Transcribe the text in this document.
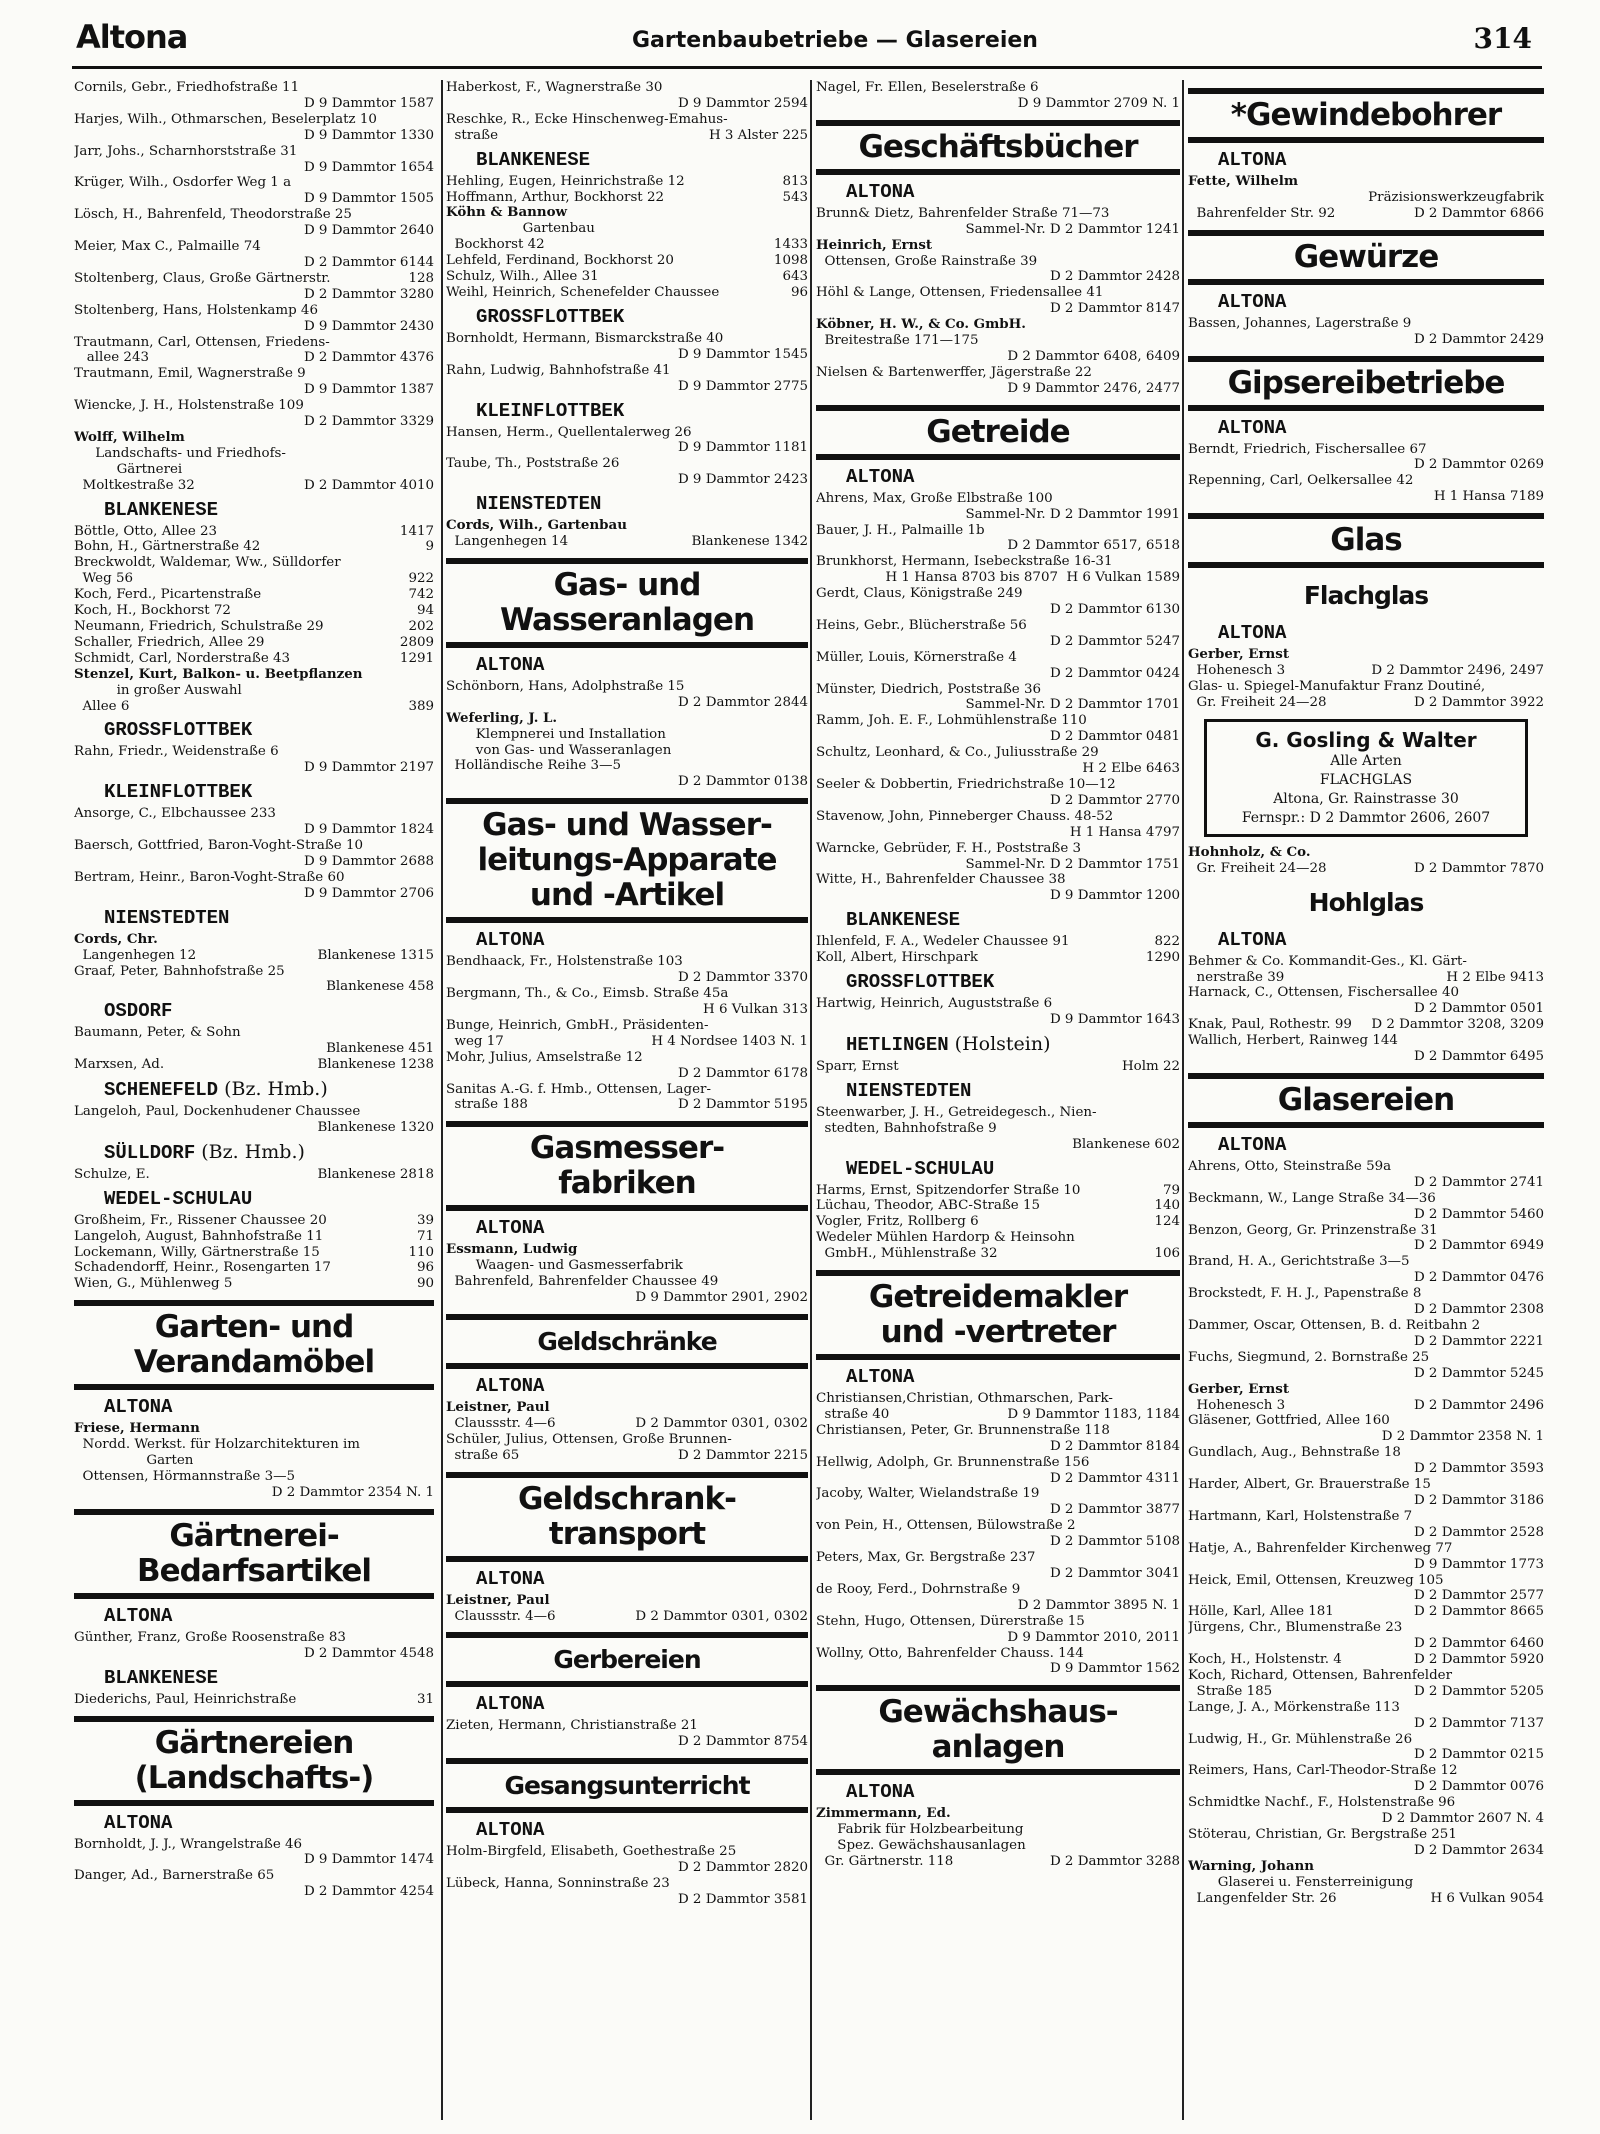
Altona	Gartenbaubetriebe — Glasereien	314
Cornils, Gebr., Friedhofstraße 11
D 9 Dammtor 1587
Harjes, Wilh., Othmarschen, Beselerplatz 10
D 9 Dammtor 1330
Jarr, Johs., Scharnhorststraße 31
D 9 Dammtor 1654
Krüger, Wilh., Osdorfer Weg 1 a
D 9 Dammtor 1505
Lösch, H., Bahrenfeld, Theodorstraße 25
D 9 Dammtor 2640
Meier, Max C., Palmaille 74
D 2 Dammtor 6144
128
Stoltenberg, Claus, Große Gärtnerstr.
D 2 Dammtor 3280
Stoltenberg, Hans, Holstenkamp 46
D 9 Dammtor 2430
Trautmann, Carl, Ottensen, Friedens-
D 2 Dammtor 4376
allee 243
Trautmann, Emil, Wagnerstraße 9
D 9 Dammtor 1387
Wiencke, J. H., Holstenstraße 109
D 2 Dammtor 3329
Wolff, Wilhelm
Landschafts- und Friedhofs-
Gärtnerei
D 2 Dammtor 4010
Moltkestraße 32
BLANKENESE
1417
Böttle, Otto, Allee 23
9
Bohn, H., Gärtnerstraße 42
Breckwoldt, Waldemar, Ww., Sülldorfer
922
Weg 56
742
Koch, Ferd., Picartenstraße
94
Koch, H., Bockhorst 72
202
Neumann, Friedrich, Schulstraße 29
2809
Schaller, Friedrich, Allee 29
1291
Schmidt, Carl, Norderstraße 43
Stenzel, Kurt, Balkon- u. Beetpflanzen
in großer Auswahl
389
Allee 6
GROSSFLOTTBEK
Rahn, Friedr., Weidenstraße 6
D 9 Dammtor 2197
KLEINFLOTTBEK
Ansorge, C., Elbchaussee 233
D 9 Dammtor 1824
Baersch, Gottfried, Baron-Voght-Straße 10
D 9 Dammtor 2688
Bertram, Heinr., Baron-Voght-Straße 60
D 9 Dammtor 2706
NIENSTEDTEN
Cords, Chr.
Blankenese 1315
Langenhegen 12
Graaf, Peter, Bahnhofstraße 25
Blankenese 458
OSDORF
Baumann, Peter, & Sohn
Blankenese 451
Blankenese 1238
Marxsen, Ad.
SCHENEFELD (Bz. Hmb.)
Langeloh, Paul, Dockenhudener Chaussee
Blankenese 1320
SÜLLDORF (Bz. Hmb.)
Blankenese 2818
Schulze, E.
WEDEL-SCHULAU
39
Großheim, Fr., Rissener Chaussee 20
71
Langeloh, August, Bahnhofstraße 11
110
Lockemann, Willy, Gärtnerstraße 15
96
Schadendorff, Heinr., Rosengarten 17
90
Wien, G., Mühlenweg 5
Garten- und
Verandamöbel
ALTONA
Friese, Hermann
Nordd. Werkst. für Holzarchitekturen im
Garten
Ottensen, Hörmannstraße 3—5
D 2 Dammtor 2354 N. 1
Gärtnerei-
Bedarfsartikel
ALTONA
Günther, Franz, Große Roosenstraße 83
D 2 Dammtor 4548
BLANKENESE
31
Diederichs, Paul, Heinrichstraße
Gärtnereien
(Landschafts-)
ALTONA
Bornholdt, J. J., Wrangelstraße 46
D 9 Dammtor 1474
Danger, Ad., Barnerstraße 65
D 2 Dammtor 4254
Haberkost, F., Wagnerstraße 30
D 9 Dammtor 2594
Reschke, R., Ecke Hinschenweg-Emahus-
H 3 Alster 225
straße
BLANKENESE
813
Hehling, Eugen, Heinrichstraße 12
543
Hoffmann, Arthur, Bockhorst 22
Köhn & Bannow
Gartenbau
1433
Bockhorst 42
1098
Lehfeld, Ferdinand, Bockhorst 20
643
Schulz, Wilh., Allee 31
96
Weihl, Heinrich, Schenefelder Chaussee
GROSSFLOTTBEK
Bornholdt, Hermann, Bismarckstraße 40
D 9 Dammtor 1545
Rahn, Ludwig, Bahnhofstraße 41
D 9 Dammtor 2775
KLEINFLOTTBEK
Hansen, Herm., Quellentalerweg 26
D 9 Dammtor 1181
Taube, Th., Poststraße 26
D 9 Dammtor 2423
NIENSTEDTEN
Cords, Wilh., Gartenbau
Blankenese 1342
Langenhegen 14
Gas- und
Wasseranlagen
ALTONA
Schönborn, Hans, Adolphstraße 15
D 2 Dammtor 2844
Weferling, J. L.
Klempnerei und Installation
von Gas- und Wasseranlagen
Holländische Reihe 3—5
D 2 Dammtor 0138
Gas- und Wasser-
leitungs-Apparate
und -Artikel
ALTONA
Bendhaack, Fr., Holstenstraße 103
D 2 Dammtor 3370
Bergmann, Th., & Co., Eimsb. Straße 45a
H 6 Vulkan 313
Bunge, Heinrich, GmbH., Präsidenten-
H 4 Nordsee 1403 N. 1
weg 17
Mohr, Julius, Amselstraße 12
D 2 Dammtor 6178
Sanitas A.-G. f. Hmb., Ottensen, Lager-
D 2 Dammtor 5195
straße 188
Gasmesser-
fabriken
ALTONA
Essmann, Ludwig
Waagen- und Gasmesserfabrik
Bahrenfeld, Bahrenfelder Chaussee 49
D 9 Dammtor 2901, 2902
Geldschränke
ALTONA
Leistner, Paul
D 2 Dammtor 0301, 0302
Claussstr. 4—6
Schüler, Julius, Ottensen, Große Brunnen-
D 2 Dammtor 2215
straße 65
Geldschrank-
transport
ALTONA
Leistner, Paul
D 2 Dammtor 0301, 0302
Claussstr. 4—6
Gerbereien
ALTONA
Zieten, Hermann, Christianstraße 21
D 2 Dammtor 8754
Gesangsunterricht
ALTONA
Holm-Birgfeld, Elisabeth, Goethestraße 25
D 2 Dammtor 2820
Lübeck, Hanna, Sonninstraße 23
D 2 Dammtor 3581
Nagel, Fr. Ellen, Beselerstraße 6
D 9 Dammtor 2709 N. 1
Geschäftsbücher
ALTONA
Brunn& Dietz, Bahrenfelder Straße 71—73
Sammel-Nr. D 2 Dammtor 1241
Heinrich, Ernst
Ottensen, Große Rainstraße 39
D 2 Dammtor 2428
Höhl & Lange, Ottensen, Friedensallee 41
D 2 Dammtor 8147
Köbner, H. W., & Co. GmbH.
Breitestraße 171—175
D 2 Dammtor 6408, 6409
Nielsen & Bartenwerffer, Jägerstraße 22
D 9 Dammtor 2476, 2477
Getreide
ALTONA
Ahrens, Max, Große Elbstraße 100
Sammel-Nr. D 2 Dammtor 1991
Bauer, J. H., Palmaille 1b
D 2 Dammtor 6517, 6518
Brunkhorst, Hermann, Isebeckstraße 16-31
H 1 Hansa 8703 bis 8707  H 6 Vulkan 1589
Gerdt, Claus, Königstraße 249
D 2 Dammtor 6130
Heins, Gebr., Blücherstraße 56
D 2 Dammtor 5247
Müller, Louis, Körnerstraße 4
D 2 Dammtor 0424
Münster, Diedrich, Poststraße 36
Sammel-Nr. D 2 Dammtor 1701
Ramm, Joh. E. F., Lohmühlenstraße 110
D 2 Dammtor 0481
Schultz, Leonhard, & Co., Juliusstraße 29
H 2 Elbe 6463
Seeler & Dobbertin, Friedrichstraße 10—12
D 2 Dammtor 2770
Stavenow, John, Pinneberger Chauss. 48-52
H 1 Hansa 4797
Warncke, Gebrüder, F. H., Poststraße 3
Sammel-Nr. D 2 Dammtor 1751
Witte, H., Bahrenfelder Chaussee 38
D 9 Dammtor 1200
BLANKENESE
822
Ihlenfeld, F. A., Wedeler Chaussee 91
1290
Koll, Albert, Hirschpark
GROSSFLOTTBEK
Hartwig, Heinrich, Auguststraße 6
D 9 Dammtor 1643
HETLINGEN (Holstein)
Holm 22
Sparr, Ernst
NIENSTEDTEN
Steenwarber, J. H., Getreidegesch., Nien-
stedten, Bahnhofstraße 9
Blankenese 602
WEDEL-SCHULAU
79
Harms, Ernst, Spitzendorfer Straße 10
140
Lüchau, Theodor, ABC-Straße 15
124
Vogler, Fritz, Rollberg 6
Wedeler Mühlen Hardorp & Heinsohn
106
GmbH., Mühlenstraße 32
Getreidemakler
und -vertreter
ALTONA
Christiansen,Christian, Othmarschen, Park-
D 9 Dammtor 1183, 1184
straße 40
Christiansen, Peter, Gr. Brunnenstraße 118
D 2 Dammtor 8184
Hellwig, Adolph, Gr. Brunnenstraße 156
D 2 Dammtor 4311
Jacoby, Walter, Wielandstraße 19
D 2 Dammtor 3877
von Pein, H., Ottensen, Bülowstraße 2
D 2 Dammtor 5108
Peters, Max, Gr. Bergstraße 237
D 2 Dammtor 3041
de Rooy, Ferd., Dohrnstraße 9
D 2 Dammtor 3895 N. 1
Stehn, Hugo, Ottensen, Dürerstraße 15
D 9 Dammtor 2010, 2011
Wollny, Otto, Bahrenfelder Chauss. 144
D 9 Dammtor 1562
Gewächshaus-
anlagen
ALTONA
Zimmermann, Ed.
Fabrik für Holzbearbeitung
Spez. Gewächshausanlagen
D 2 Dammtor 3288
Gr. Gärtnerstr. 118
*Gewindebohrer
ALTONA
Fette, Wilhelm
Präzisionswerkzeugfabrik
D 2 Dammtor 6866
Bahrenfelder Str. 92
Gewürze
ALTONA
Bassen, Johannes, Lagerstraße 9
D 2 Dammtor 2429
Gipsereibetriebe
ALTONA
Berndt, Friedrich, Fischersallee 67
D 2 Dammtor 0269
Repenning, Carl, Oelkersallee 42
H 1 Hansa 7189
Glas
Flachglas
ALTONA
Gerber, Ernst
D 2 Dammtor 2496, 2497
Hohenesch 3
Glas- u. Spiegel-Manufaktur Franz Doutiné,
D 2 Dammtor 3922
Gr. Freiheit 24—28
G. Gosling & Walter
Alle Arten
FLACHGLAS
Altona, Gr. Rainstrasse 30
Fernspr.: D 2 Dammtor 2606, 2607
Hohnholz, & Co.
D 2 Dammtor 7870
Gr. Freiheit 24—28
Hohlglas
ALTONA
Behmer & Co. Kommandit-Ges., Kl. Gärt-
H 2 Elbe 9413
nerstraße 39
Harnack, C., Ottensen, Fischersallee 40
D 2 Dammtor 0501
D 2 Dammtor 3208, 3209
Knak, Paul, Rothestr. 99
Wallich, Herbert, Rainweg 144
D 2 Dammtor 6495
Glasereien
ALTONA
Ahrens, Otto, Steinstraße 59a
D 2 Dammtor 2741
Beckmann, W., Lange Straße 34—36
D 2 Dammtor 5460
Benzon, Georg, Gr. Prinzenstraße 31
D 2 Dammtor 6949
Brand, H. A., Gerichtstraße 3—5
D 2 Dammtor 0476
Brockstedt, F. H. J., Papenstraße 8
D 2 Dammtor 2308
Dammer, Oscar, Ottensen, B. d. Reitbahn 2
D 2 Dammtor 2221
Fuchs, Siegmund, 2. Bornstraße 25
D 2 Dammtor 5245
Gerber, Ernst
D 2 Dammtor 2496
Hohenesch 3
Gläsener, Gottfried, Allee 160
D 2 Dammtor 2358 N. 1
Gundlach, Aug., Behnstraße 18
D 2 Dammtor 3593
Harder, Albert, Gr. Brauerstraße 15
D 2 Dammtor 3186
Hartmann, Karl, Holstenstraße 7
D 2 Dammtor 2528
Hatje, A., Bahrenfelder Kirchenweg 77
D 9 Dammtor 1773
Heick, Emil, Ottensen, Kreuzweg 105
D 2 Dammtor 2577
D 2 Dammtor 8665
Hölle, Karl, Allee 181
Jürgens, Chr., Blumenstraße 23
D 2 Dammtor 6460
D 2 Dammtor 5920
Koch, H., Holstenstr. 4
Koch, Richard, Ottensen, Bahrenfelder
D 2 Dammtor 5205
Straße 185
Lange, J. A., Mörkenstraße 113
D 2 Dammtor 7137
Ludwig, H., Gr. Mühlenstraße 26
D 2 Dammtor 0215
Reimers, Hans, Carl-Theodor-Straße 12
D 2 Dammtor 0076
Schmidtke Nachf., F., Holstenstraße 96
D 2 Dammtor 2607 N. 4
Stöterau, Christian, Gr. Bergstraße 251
D 2 Dammtor 2634
Warning, Johann
Glaserei u. Fensterreinigung
H 6 Vulkan 9054
Langenfelder Str. 26
